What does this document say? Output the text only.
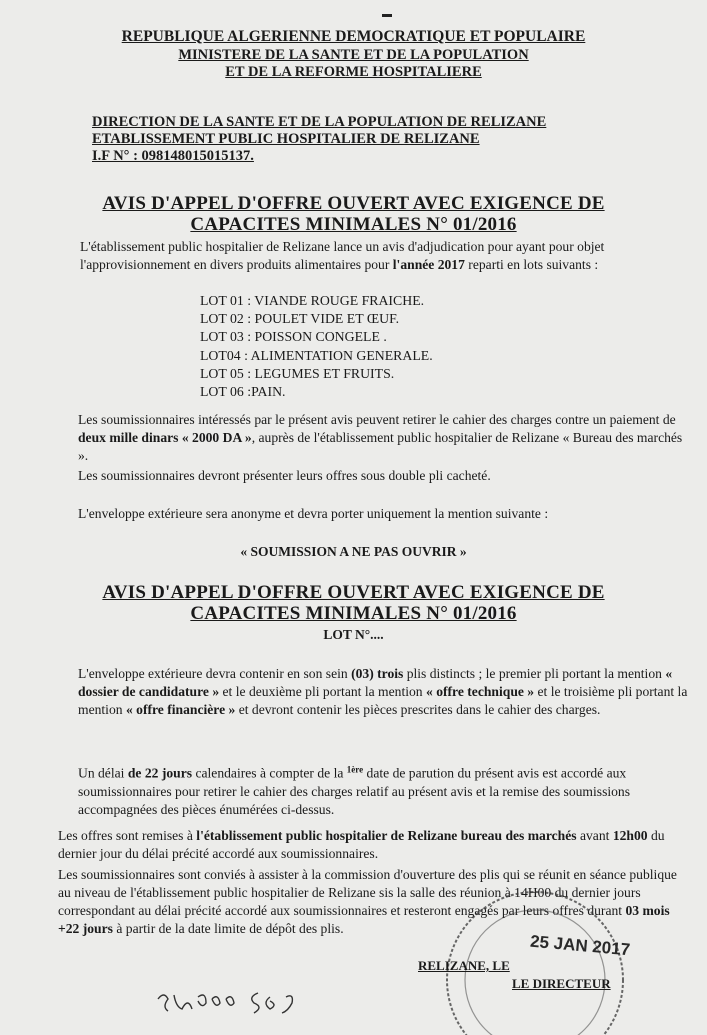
REPUBLIQUE ALGERIENNE DEMOCRATIQUE ET POPULAIRE
MINISTERE DE LA SANTE ET DE LA POPULATION
ET DE LA REFORME HOSPITALIERE
DIRECTION DE LA SANTE ET DE LA POPULATION DE RELIZANE
ETABLISSEMENT PUBLIC HOSPITALIER DE RELIZANE
I.F N° : 098148015015137.
AVIS D'APPEL D'OFFRE OUVERT AVEC EXIGENCE DE
CAPACITES MINIMALES N° 01/2016
L'établissement public hospitalier de Relizane lance un avis d'adjudication pour ayant pour objet l'approvisionnement en divers produits alimentaires pour l'année 2017 reparti en lots suivants :
LOT 01 : VIANDE ROUGE FRAICHE.
LOT 02 : POULET VIDE ET ŒUF.
LOT 03 : POISSON CONGELE .
LOT04 : ALIMENTATION GENERALE.
LOT 05 : LEGUMES ET FRUITS.
LOT 06 :PAIN.
Les soumissionnaires intéressés par le présent avis peuvent retirer le cahier des charges contre un paiement de deux mille dinars « 2000 DA », auprès de l'établissement public hospitalier de Relizane « Bureau des marchés ».
Les soumissionnaires devront présenter leurs offres sous double pli cacheté.
L'enveloppe extérieure sera anonyme et devra porter uniquement la mention suivante :
« SOUMISSION A NE PAS OUVRIR »
AVIS D'APPEL D'OFFRE OUVERT AVEC EXIGENCE DE
CAPACITES MINIMALES N° 01/2016
LOT N°....
L'enveloppe extérieure devra contenir en son sein (03) trois plis distincts ; le premier pli portant la mention « dossier de candidature » et le deuxième pli portant la mention « offre technique » et le troisième pli portant la mention « offre financière » et devront contenir les pièces prescrites dans le cahier des charges.
Un délai de 22 jours calendaires à compter de la $^{1ère}$ date de parution du présent avis est accordé aux soumissionnaires pour retirer le cahier des charges relatif au présent avis et la remise des soumissions accompagnées des pièces énumérées ci-dessus.
Les offres sont remises à l'établissement public hospitalier de Relizane bureau des marchés avant 12h00 du dernier jour du délai précité accordé aux soumissionnaires.
Les soumissionnaires sont conviés à assister à la commission d'ouverture des plis qui se réunit en séance publique au niveau de l'établissement public hospitalier de Relizane sis la salle des réunion à 14H00 du dernier jours correspondant au délai précité accordé aux soumissionnaires et resteront engagés par leurs offres durant 03 mois +22 jours à partir de la date limite de dépôt des plis.
25 JAN 2017
RELIZANE, LE
LE DIRECTEUR
